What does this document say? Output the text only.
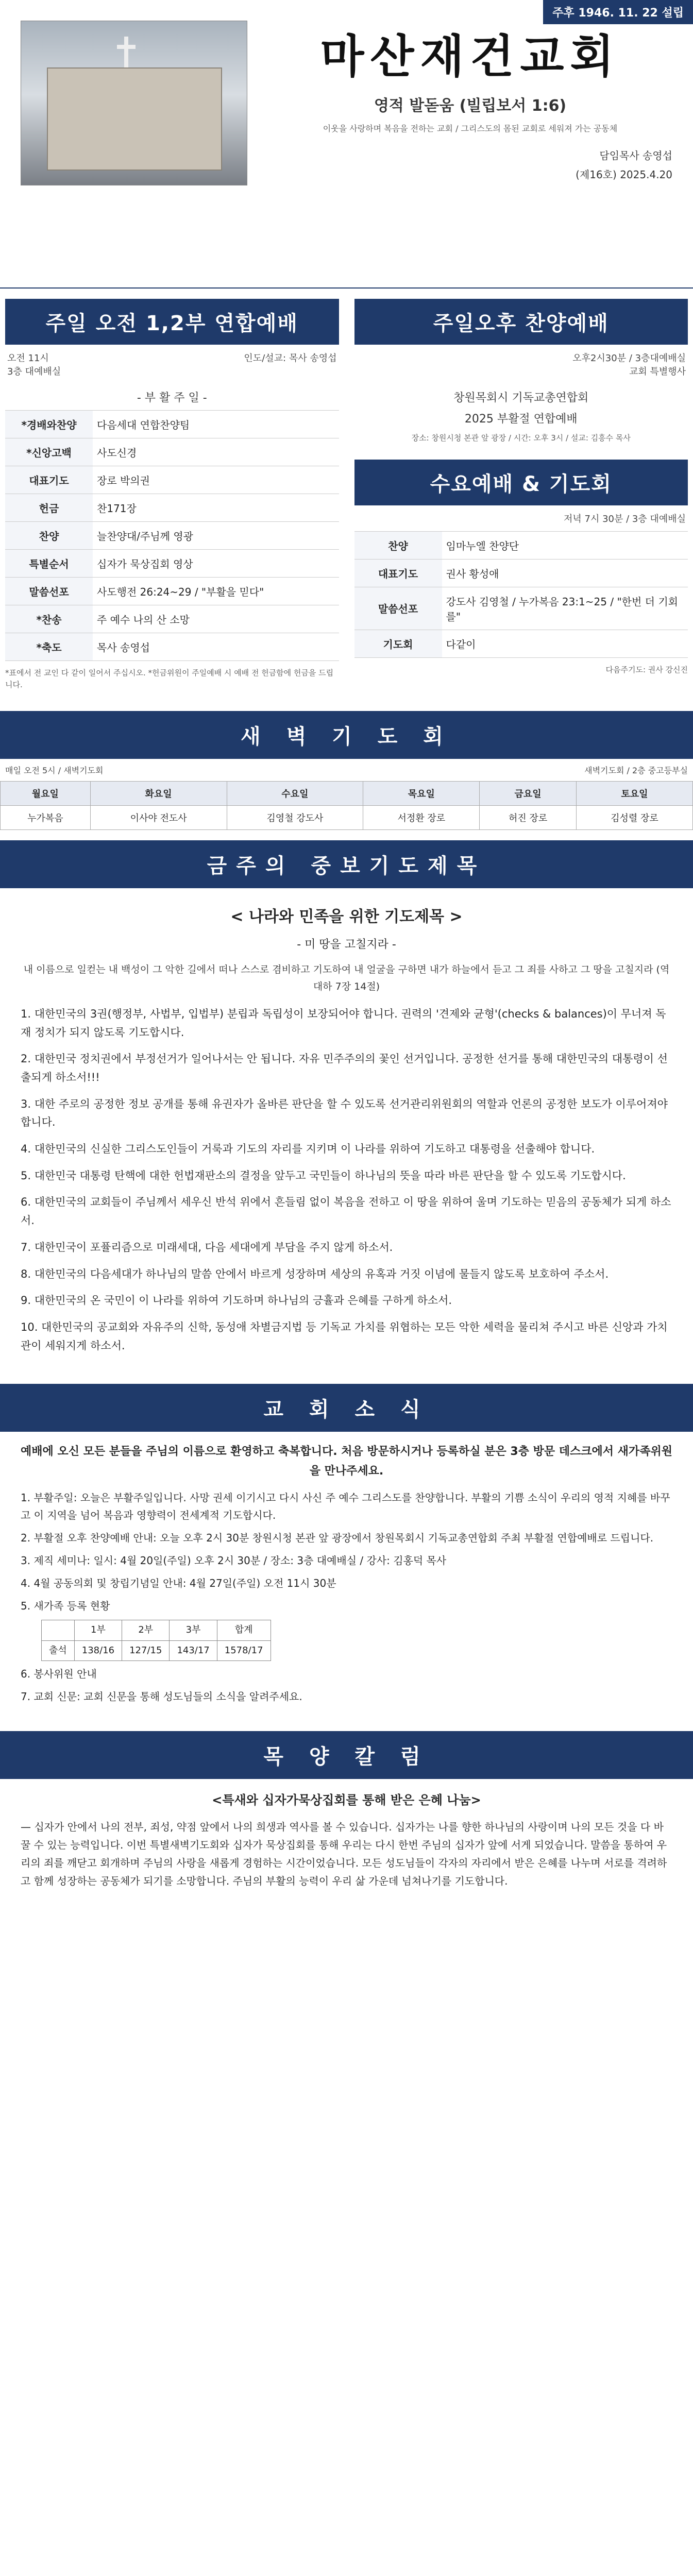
주후 1946. 11. 22 설립
마산재건교회
영적 발돋움 (빌립보서 1:6)
이웃을 사랑하며 복음을 전하는 교회 / 그리스도의 몸된 교회로 세워져 가는 공동체
담임목사 송영섭
(제16호) 2025.4.20
주일 오전 1,2부 연합예배
오전 11시
3층 대예배실
인도/설교: 목사 송영섭
- 부 활 주 일 -
*경배와찬양	다음세대 연합찬양팀
*신앙고백	사도신경
대표기도	장로 박의권
헌금	찬171장
찬양	늘찬양대/주님께 영광
특별순서	십자가 묵상집회 영상
말씀선포	사도행전 26:24~29 / "부활을 믿다"
*찬송	주 예수 나의 산 소망
*축도	목사 송영섭
*표에서 전 교인 다 같이 일어서 주십시오. *헌금위원이 주일예배 시 예배 전 헌금함에 헌금을 드립니다.
주일오후 찬양예배
오후2시30분 / 3층대예배실
교회 특별행사
창원목회시 기독교총연합회
2025 부활절 연합예배
장소: 창원시청 본관 앞 광장 / 시간: 오후 3시 / 설교: 김흥수 목사
수요예배 & 기도회
저녁 7시 30분 / 3층 대예배실
찬양	임마누엘 찬양단
대표기도	권사 황성애
말씀선포	강도사 김영철 / 누가복음 23:1~25 / "한번 더 기회를"
기도회	다같이
다음주기도: 권사 강신진
새 벽 기 도 회
매일 오전 5시 / 새벽기도회	새벽기도회 / 2층 중고등부실
월요일	화요일	수요일	목요일	금요일	토요일
누가복음	이사야 전도사	김영철 강도사	서정환 장로	허진 장로	김성렬 장로
금주의 중보기도제목
< 나라와 민족을 위한 기도제목 >
- 미 땅을 고칠지라 -
내 이름으로 일컫는 내 백성이 그 악한 길에서 떠나 스스로 겸비하고 기도하여 내 얼굴을 구하면 내가 하늘에서 듣고 그 죄를 사하고 그 땅을 고칠지라 (역대하 7장 14절)
1. 대한민국의 3권(행정부, 사법부, 입법부) 분립과 독립성이 보장되어야 합니다. 권력의 '견제와 균형'(checks & balances)이 무너져 독재 정치가 되지 않도록 기도합시다.
2. 대한민국 정치권에서 부정선거가 일어나서는 안 됩니다. 자유 민주주의의 꽃인 선거입니다. 공정한 선거를 통해 대한민국의 대통령이 선출되게 하소서!!!
3. 대한 주로의 공정한 정보 공개를 통해 유권자가 올바른 판단을 할 수 있도록 선거관리위원회의 역할과 언론의 공정한 보도가 이루어져야 합니다.
4. 대한민국의 신실한 그리스도인들이 거룩과 기도의 자리를 지키며 이 나라를 위하여 기도하고 대통령을 선출해야 합니다.
5. 대한민국 대통령 탄핵에 대한 헌법재판소의 결정을 앞두고 국민들이 하나님의 뜻을 따라 바른 판단을 할 수 있도록 기도합시다.
6. 대한민국의 교회들이 주님께서 세우신 반석 위에서 흔들림 없이 복음을 전하고 이 땅을 위하여 울며 기도하는 믿음의 공동체가 되게 하소서.
7. 대한민국이 포퓰리즘으로 미래세대, 다음 세대에게 부담을 주지 않게 하소서.
8. 대한민국의 다음세대가 하나님의 말씀 안에서 바르게 성장하며 세상의 유혹과 거짓 이념에 물들지 않도록 보호하여 주소서.
9. 대한민국의 온 국민이 이 나라를 위하여 기도하며 하나님의 긍휼과 은혜를 구하게 하소서.
10. 대한민국의 공교회와 자유주의 신학, 동성애 차별금지법 등 기독교 가치를 위협하는 모든 악한 세력을 물리쳐 주시고 바른 신앙과 가치관이 세워지게 하소서.
교 회 소 식
예배에 오신 모든 분들을 주님의 이름으로 환영하고 축복합니다. 처음 방문하시거나 등록하실 분은 3층 방문 데스크에서 새가족위원을 만나주세요.
1. 부활주일: 오늘은 부활주일입니다. 사망 권세 이기시고 다시 사신 주 예수 그리스도를 찬양합니다. 부활의 기쁨 소식이 우리의 영적 지혜를 바꾸고 이 지역을 넘어 복음과 영향력이 전세계적 기도합시다.
2. 부활절 오후 찬양예배 안내: 오늘 오후 2시 30분 창원시청 본관 앞 광장에서 창원목회시 기독교총연합회 주최 부활절 연합예배로 드립니다.
3. 제직 세미나: 일시: 4월 20일(주일) 오후 2시 30분 / 장소: 3층 대예배실 / 강사: 김홍덕 목사
4. 4월 공동의회 및 창립기념일 안내: 4월 27일(주일) 오전 11시 30분
5. 새가족 등록 현황
	1부	2부	3부	합계
출석	138/16	127/15	143/17	1578/17
6. 봉사위원 안내
7. 교회 신문: 교회 신문을 통해 성도님들의 소식을 알려주세요.
목 양 칼 럼
<특새와 십자가묵상집회를 통해 받은 은혜 나눔>
— 십자가 안에서 나의 전부, 죄성, 약점 앞에서 나의 희생과 역사를 볼 수 있습니다. 십자가는 나를 향한 하나님의 사랑이며 나의 모든 것을 다 바꿀 수 있는 능력입니다. 이번 특별새벽기도회와 십자가 묵상집회를 통해 우리는 다시 한번 주님의 십자가 앞에 서게 되었습니다. 말씀을 통하여 우리의 죄를 깨닫고 회개하며 주님의 사랑을 새롭게 경험하는 시간이었습니다. 모든 성도님들이 각자의 자리에서 받은 은혜를 나누며 서로를 격려하고 함께 성장하는 공동체가 되기를 소망합니다. 주님의 부활의 능력이 우리 삶 가운데 넘쳐나기를 기도합니다.
